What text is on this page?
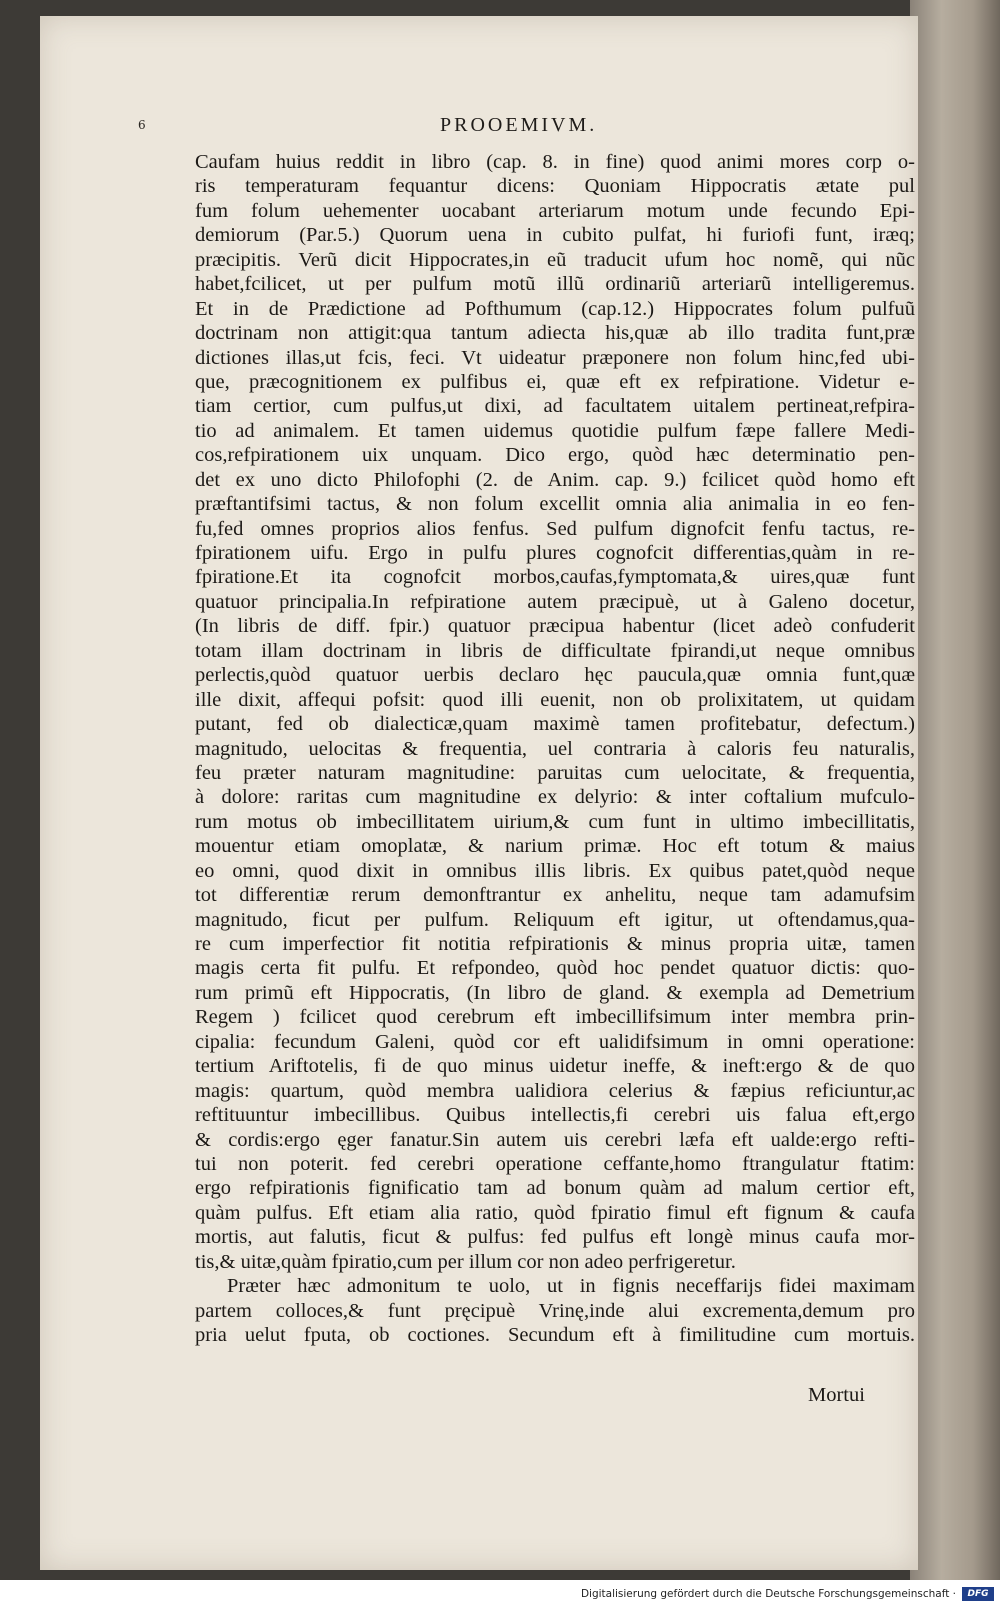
6	PROOEMIVM.
Caufam huius reddit in libro (cap. 8. in fine) quod animi mores corp o-
ris temperaturam fequantur dicens: Quoniam Hippocratis ætate pul
fum folum uehementer uocabant arteriarum motum unde fecundo Epi-
demiorum (Par.5.) Quorum uena in cubito pulfat, hi furiofi funt, iræq;
præcipitis. Verũ dicit Hippocrates,in eũ traducit ufum hoc nomẽ, qui nũc
habet,fcilicet, ut per pulfum motũ illũ ordinariũ arteriarũ intelligeremus.
Et in de Prædictione ad Pofthumum (cap.12.) Hippocrates folum pulfuũ
doctrinam non attigit:qua tantum adiecta his,quæ ab illo tradita funt,præ
dictiones illas,ut fcis, feci. Vt uideatur præponere non folum hinc,fed ubi-
que, præcognitionem ex pulfibus ei, quæ eft ex refpiratione. Videtur e-
tiam certior, cum pulfus,ut dixi, ad facultatem uitalem pertineat,refpira-
tio ad animalem. Et tamen uidemus quotidie pulfum fæpe fallere Medi-
cos,refpirationem uix unquam. Dico ergo, quòd hæc determinatio pen-
det ex uno dicto Philofophi (2. de Anim. cap. 9.) fcilicet quòd homo eft
præftantifsimi tactus, & non folum excellit omnia alia animalia in eo fen-
fu,fed omnes proprios alios fenfus. Sed pulfum dignofcit fenfu tactus, re-
fpirationem uifu. Ergo in pulfu plures cognofcit differentias,quàm in re-
fpiratione.Et ita cognofcit morbos,caufas,fymptomata,& uires,quæ funt
quatuor principalia.In refpiratione autem præcipuè, ut à Galeno docetur,
(In libris de diff. fpir.) quatuor præcipua habentur (licet adeò confuderit
totam illam doctrinam in libris de difficultate fpirandi,ut neque omnibus
perlectis,quòd quatuor uerbis declaro hęc paucula,quæ omnia funt,quæ
ille dixit, affequi pofsit: quod illi euenit, non ob prolixitatem, ut quidam
putant, fed ob dialecticæ,quam maximè tamen profitebatur, defectum.)
magnitudo, uelocitas & frequentia, uel contraria à caloris feu naturalis,
feu præter naturam magnitudine: paruitas cum uelocitate, & frequentia,
à dolore: raritas cum magnitudine ex delyrio: & inter coftalium mufculo-
rum motus ob imbecillitatem uirium,& cum funt in ultimo imbecillitatis,
mouentur etiam omoplatæ, & narium primæ. Hoc eft totum & maius
eo omni, quod dixit in omnibus illis libris. Ex quibus patet,quòd neque
tot differentiæ rerum demonftrantur ex anhelitu, neque tam adamufsim
magnitudo, ficut per pulfum. Reliquum eft igitur, ut oftendamus,qua-
re cum imperfectior fit notitia refpirationis & minus propria uitæ, tamen
magis certa fit pulfu. Et refpondeo, quòd hoc pendet quatuor dictis: quo-
rum primũ eft Hippocratis, (In libro de gland. & exempla ad Demetrium
Regem ) fcilicet quod cerebrum eft imbecillifsimum inter membra prin-
cipalia: fecundum Galeni, quòd cor eft ualidifsimum in omni operatione:
tertium Ariftotelis, fi de quo minus uidetur ineffe, & ineft:ergo & de quo
magis: quartum, quòd membra ualidiora celerius & fæpius reficiuntur,ac
reftituuntur imbecillibus. Quibus intellectis,fi cerebri uis falua eft,ergo
& cordis:ergo ęger fanatur.Sin autem uis cerebri læfa eft ualde:ergo refti-
tui non poterit. fed cerebri operatione ceffante,homo ftrangulatur ftatim:
ergo refpirationis fignificatio tam ad bonum quàm ad malum certior eft,
quàm pulfus. Eft etiam alia ratio, quòd fpiratio fimul eft fignum & caufa
mortis, aut falutis, ficut & pulfus: fed pulfus eft longè minus caufa mor-
tis,& uitæ,quàm fpiratio,cum per illum cor non adeo perfrigeretur.
Præter hæc admonitum te uolo, ut in fignis neceffarijs fidei maximam
partem colloces,& funt pręcipuè Vrinę,inde alui excrementa,demum pro
pria uelut fputa, ob coctiones. Secundum eft à fimilitudine cum mortuis.
Mortui
Digitalisierung gefördert durch die Deutsche Forschungsgemeinschaft ·	DFG
